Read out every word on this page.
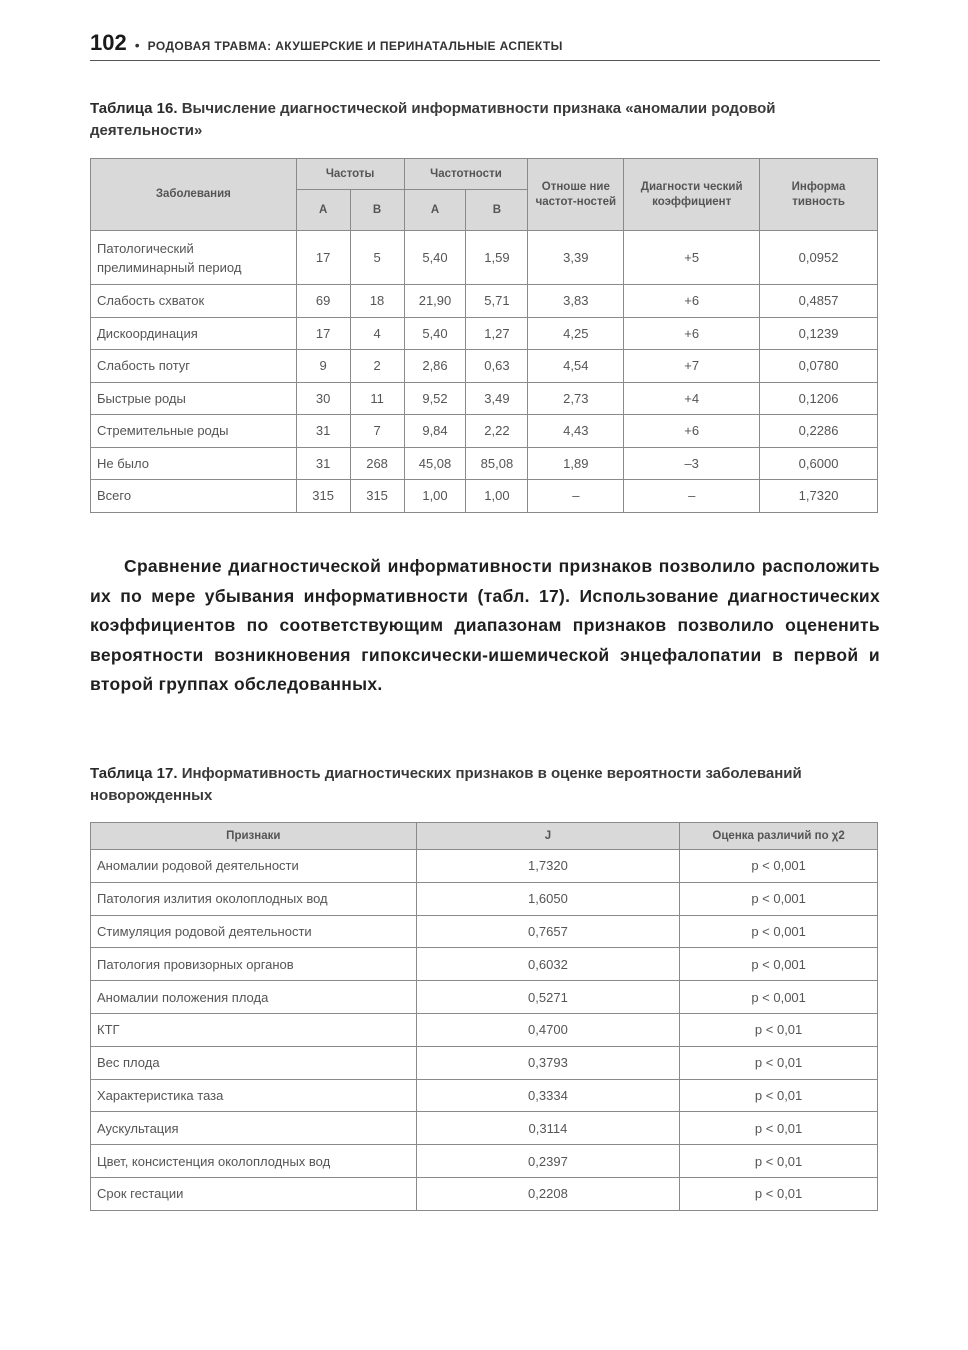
102 • РОДОВАЯ ТРАВМА: АКУШЕРСКИЕ И ПЕРИНАТАЛЬНЫЕ АСПЕКТЫ
Таблица 16. Вычисление диагностической информативности признака «аномалии родовой деятельности»
Заболевания	Частоты		Частотности		Отноше ние частот-ностей	Диагности ческий коэффициент	Информа тивность
	A	B	A	B			
Патологический прелиминарный период	17	5	5,40	1,59	3,39	+5	0,0952
Слабость схваток	69	18	21,90	5,71	3,83	+6	0,4857
Дискоординация	17	4	5,40	1,27	4,25	+6	0,1239
Слабость потуг	9	2	2,86	0,63	4,54	+7	0,0780
Быстрые роды	30	11	9,52	3,49	2,73	+4	0,1206
Стремительные роды	31	7	9,84	2,22	4,43	+6	0,2286
Не было	31	268	45,08	85,08	1,89	–3	0,6000
Всего	315	315	1,00	1,00	–	–	1,7320

Сравнение диагностической информативности признаков позволило расположить их по мере убывания информативности (табл. 17). Использование диагностических коэффициентов по соответствующим диапазонам признаков позволило оцененить вероятности возникновения гипоксически-ишемической энцефалопатии в первой и второй группах обследованных.

Таблица 17. Информативность диагностических признаков в оценке вероятности заболеваний новорожденных
Признаки	J	Оценка различий по χ2
Аномалии родовой деятельности	1,7320	p < 0,001
Патология излития околоплодных вод	1,6050	p < 0,001
Стимуляция родовой деятельности	0,7657	p < 0,001
Патология провизорных органов	0,6032	p < 0,001
Аномалии положения плода	0,5271	p < 0,001
КТГ	0,4700	p < 0,01
Вес плода	0,3793	p < 0,01
Характеристика таза	0,3334	p < 0,01
Аускультация	0,3114	p < 0,01
Цвет, консистенция околоплодных вод	0,2397	p < 0,01
Срок гестации	0,2208	p < 0,01
